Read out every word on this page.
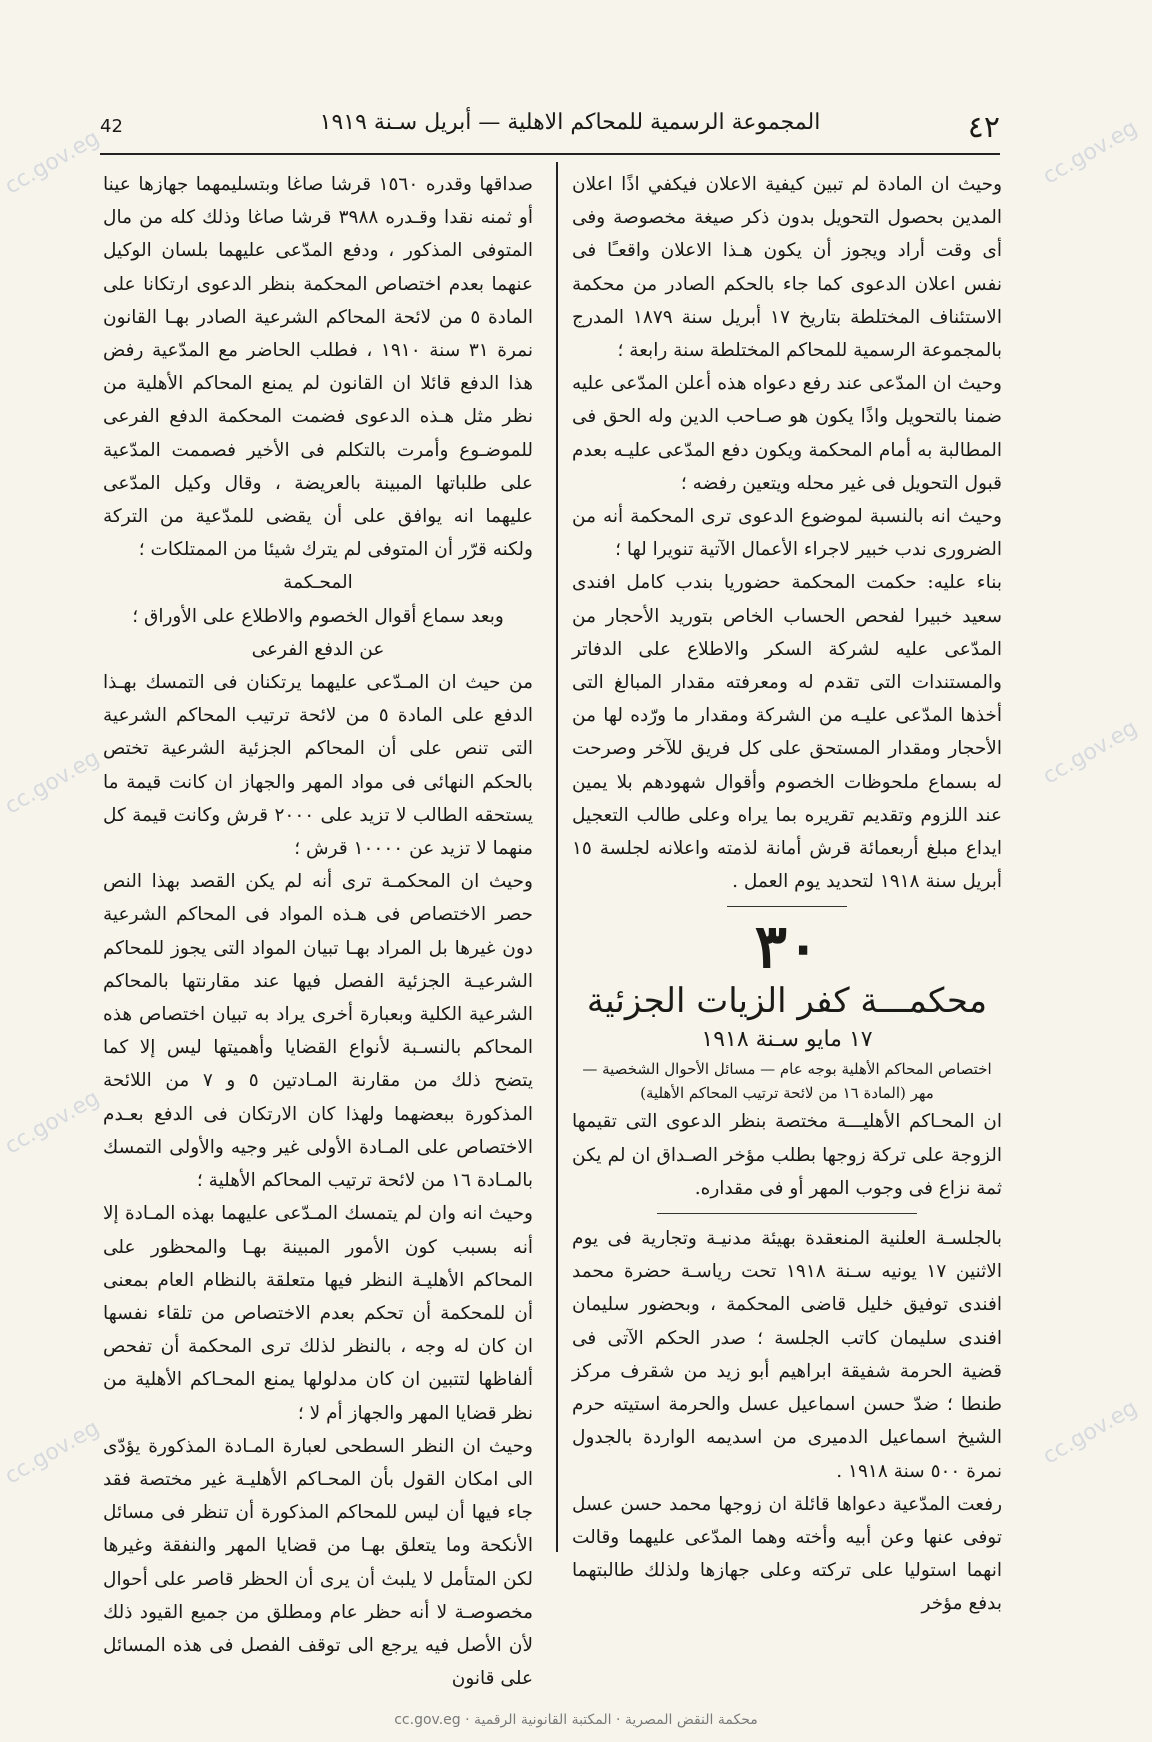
cc.gov.eg	cc.gov.eg
cc.gov.eg	cc.gov.eg
cc.gov.eg
cc.gov.eg	cc.gov.eg
٤٢
المجموعة الرسمية للمحاكم الاهلية — أبريل سـنة ١٩١٩
42

وحيث ان المادة لم تبين كيفية الاعلان فيكفي اذًا اعلان المدين بحصول التحويل بدون ذكر صيغة مخصوصة وفى أى وقت أراد ويجوز أن يكون هـذا الاعلان واقعـًا فى نفس اعلان الدعوى كما جاء بالحكم الصادر من محكمة الاستئناف المختلطة بتاريخ ١٧ أبريل سنة ١٨٧٩ المدرج بالمجموعة الرسمية للمحاكم المختلطة سنة رابعة ؛

وحيث ان المدّعى عند رفع دعواه هذه أعلن المدّعى عليه ضمنا بالتحويل واذًا يكون هو صـاحب الدين وله الحق فى المطالبة به أمام المحكمة ويكون دفع المدّعى عليـه بعدم قبول التحويل فى غير محله ويتعين رفضه ؛

وحيث انه بالنسبة لموضوع الدعوى ترى المحكمة أنه من الضرورى ندب خبير لاجراء الأعمال الآتية تنويرا لها ؛

بناء عليه: حكمت المحكمة حضوريا بندب كامل افندى سعيد خبيرا لفحص الحساب الخاص بتوريد الأحجار من المدّعى عليه لشركة السكر والاطلاع على الدفاتر والمستندات التى تقدم له ومعرفته مقدار المبالغ التى أخذها المدّعى عليـه من الشركة ومقدار ما ورّده لها من الأحجار ومقدار المستحق على كل فريق للآخر وصرحت له بسماع ملحوظات الخصوم وأقوال شهودهم بلا يمين عند اللزوم وتقديم تقريره بما يراه وعلى طالب التعجيل ايداع مبلغ أربعمائة قرش أمانة لذمته واعلانه لجلسة ١٥ أبريل سنة ١٩١٨ لتحديد يوم العمل .

٣٠

محكمـــة كفر الزيات الجزئية

١٧ مايو سـنة ١٩١٨

اختصاص المحاكم الأهلية بوجه عام — مسائل الأحوال الشخصية — مهر (المادة ١٦ من لائحة ترتيب المحاكم الأهلية)

ان المحـاكم الأهليـــة مختصة بنظر الدعوى التى تقيمها الزوجة على تركة زوجها بطلب مؤخر الصـداق ان لم يكن ثمة نزاع فى وجوب المهر أو فى مقداره.

بالجلسـة العلنية المنعقدة بهيئة مدنيـة وتجارية فى يوم الاثنين ١٧ يونيه سـنة ١٩١٨ تحت رياسـة حضرة محمد افندى توفيق خليل قاضى المحكمة ، وبحضور سليمان افندى سليمان كاتب الجلسة ؛ صدر الحكم الآتى فى قضية الحرمة شفيقة ابراهيم أبو زيد من شقرف مركز طنطا ؛ ضدّ حسن اسماعيل عسل والحرمة استيته حرم الشيخ اسماعيل الدميرى من اسديمه الواردة بالجدول نمرة ٥٠٠ سنة ١٩١٨ .

رفعت المدّعية دعواها قائلة ان زوجها محمد حسن عسل توفى عنها وعن أبيه وأخته وهما المدّعى عليهما وقالت انهما استوليا على تركته وعلى جهازها ولذلك طالبتهما بدفع مؤخر

صداقها وقدره ١٥٦٠ قرشا صاغا وبتسليمهما جهازها عينا أو ثمنه نقدا وقـدره ٣٩٨٨ قرشا صاغا وذلك كله من مال المتوفى المذكور ، ودفع المدّعى عليهما بلسان الوكيل عنهما بعدم اختصاص المحكمة بنظر الدعوى ارتكانا على المادة ٥ من لائحة المحاكم الشرعية الصادر بهـا القانون نمرة ٣١ سنة ١٩١٠ ، فطلب الحاضر مع المدّعية رفض هذا الدفع قائلا ان القانون لم يمنع المحاكم الأهلية من نظر مثل هـذه الدعوى فضمت المحكمة الدفع الفرعى للموضـوع وأمرت بالتكلم فى الأخير فصممت المدّعية على طلباتها المبينة بالعريضة ، وقال وكيل المدّعى عليهما انه يوافق على أن يقضى للمدّعية من التركة ولكنه قرّر أن المتوفى لم يترك شيئا من الممتلكات ؛

المحـكمة

وبعد سماع أقوال الخصوم والاطلاع على الأوراق ؛

عن الدفع الفرعى

من حيث ان المـدّعى عليهما يرتكنان فى التمسك بهـذا الدفع على المادة ٥ من لائحة ترتيب المحاكم الشرعية التى تنص على أن المحاكم الجزئية الشرعية تختص بالحكم النهائى فى مواد المهر والجهاز ان كانت قيمة ما يستحقه الطالب لا تزيد على ٢٠٠٠ قرش وكانت قيمة كل منهما لا تزيد عن ١٠٠٠٠ قرش ؛

وحيث ان المحكمـة ترى أنه لم يكن القصد بهذا النص حصر الاختصاص فى هـذه المواد فى المحاكم الشرعية دون غيرها بل المراد بهـا تبيان المواد التى يجوز للمحاكم الشرعيـة الجزئية الفصل فيها عند مقارنتها بالمحاكم الشرعية الكلية وبعبارة أخرى يراد به تبيان اختصاص هذه المحاكم بالنسـبة لأنواع القضايا وأهميتها ليس إلا كما يتضح ذلك من مقارنة المـادتين ٥ و ٧ من اللائحة المذكورة ببعضهما ولهذا كان الارتكان فى الدفع بعـدم الاختصاص على المـادة الأولى غير وجيه والأولى التمسك بالمـادة ١٦ من لائحة ترتيب المحاكم الأهلية ؛

وحيث انه وان لم يتمسك المـدّعى عليهما بهذه المـادة إلا أنه بسبب كون الأمور المبينة بهـا والمحظور على المحاكم الأهليـة النظر فيها متعلقة بالنظام العام بمعنى أن للمحكمة أن تحكم بعدم الاختصاص من تلقاء نفسها ان كان له وجه ، بالنظر لذلك ترى المحكمة أن تفحص ألفاظها لتتبين ان كان مدلولها يمنع المحـاكم الأهلية من نظر قضايا المهر والجهاز أم لا ؛

وحيث ان النظر السطحى لعبارة المـادة المذكورة يؤدّى الى امكان القول بأن المحـاكم الأهليـة غير مختصة فقد جاء فيها أن ليس للمحاكم المذكورة أن تنظر فى مسائل الأنكحة وما يتعلق بهـا من قضايا المهر والنفقة وغيرها لكن المتأمل لا يلبث أن يرى أن الحظر قاصر على أحوال مخصوصـة لا أنه حظر عام ومطلق من جميع القيود ذلك لأن الأصل فيه يرجع الى توقف الفصل فى هذه المسائل على قانون

cc.gov.eg · محكمة النقض المصرية · المكتبة القانونية الرقمية
